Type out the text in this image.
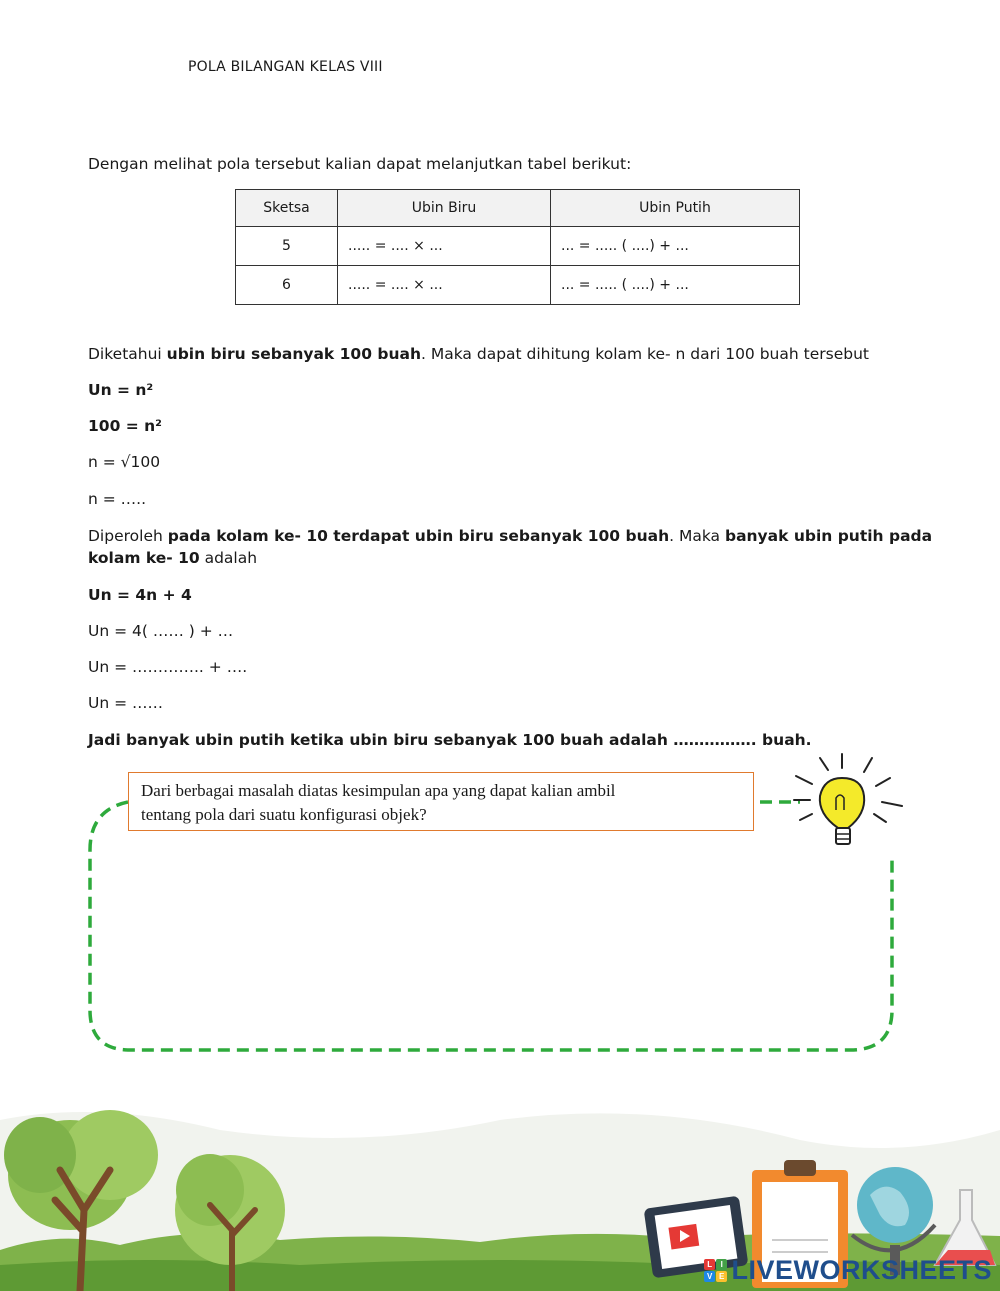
POLA BILANGAN KELAS VIII
Dengan melihat pola tersebut kalian dapat melanjutkan tabel berikut:
Sketsa	Ubin Biru	Ubin Putih
5	..... = .... × ...	... = ..... ( ....) + ...
6	..... = .... × ...	... = ..... ( ....) + ...
Diketahui ubin biru sebanyak 100 buah. Maka dapat dihitung kolam ke- n dari 100 buah tersebut
Un = n²
100 = n²
n = √100
n = …..
Diperoleh pada kolam ke- 10 terdapat ubin biru sebanyak 100 buah. Maka banyak ubin putih pada
kolam ke- 10 adalah
Un = 4n + 4
Un = 4( …… ) + …
Un = ………….. + ….
Un = ……
Jadi banyak ubin putih ketika ubin biru sebanyak 100 buah adalah ……………. buah.
Dari berbagai masalah diatas kesimpulan apa yang dapat kalian ambil
tentang pola dari suatu konfigurasi objek?
L I
V E LIVEWORKSHEETS
